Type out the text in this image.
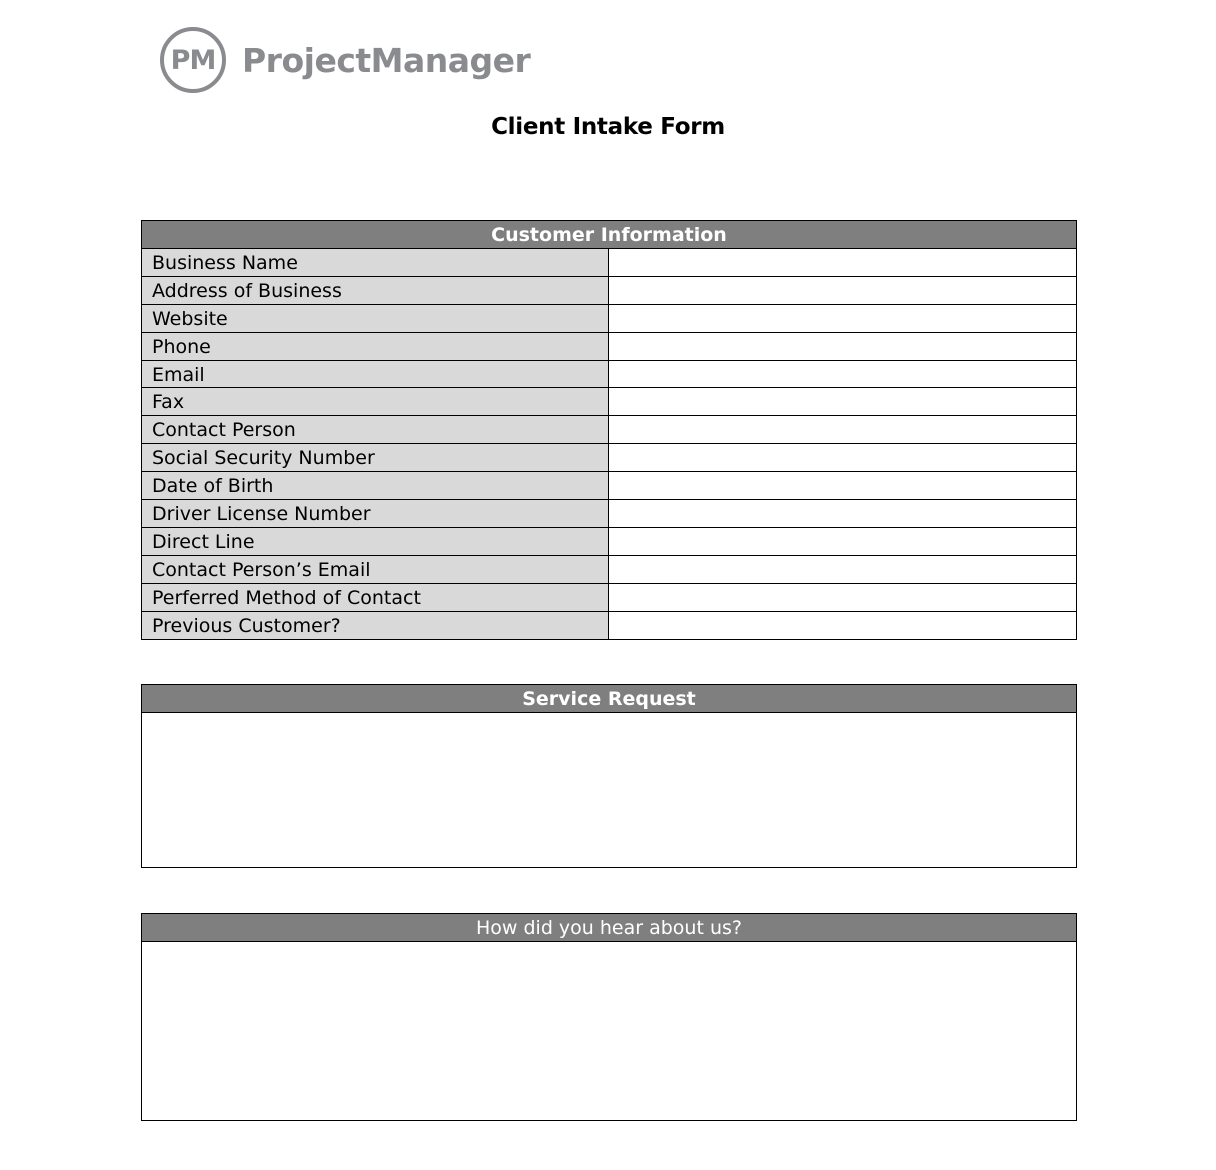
PM ProjectManager
Client Intake Form
Customer Information
Business Name
Address of Business
Website
Phone
Email
Fax
Contact Person
Social Security Number
Date of Birth
Driver License Number
Direct Line
Contact Person’s Email
Perferred Method of Contact
Previous Customer?
Service Request
How did you hear about us?
